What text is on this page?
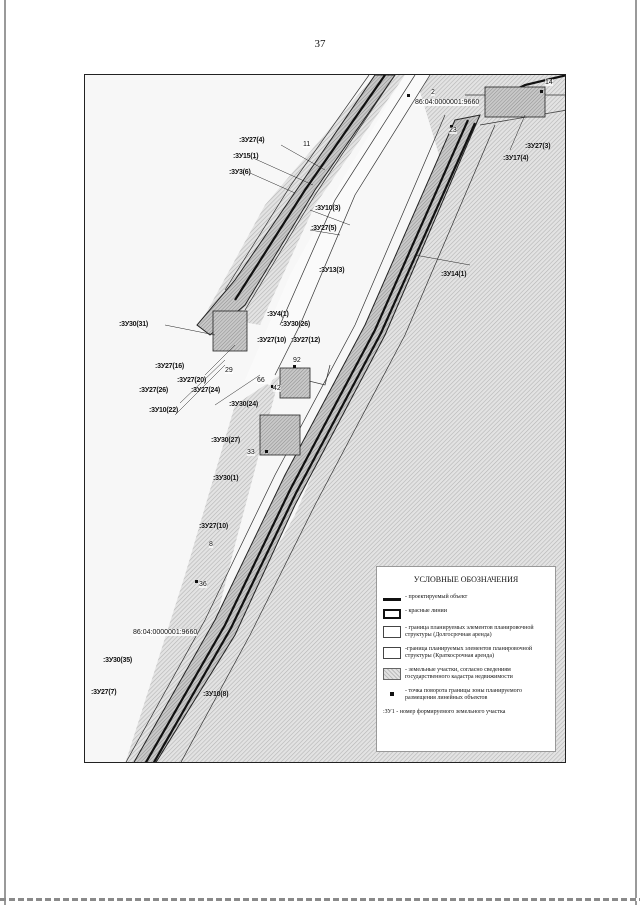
37
86:04:0000001:9660
86:04:0000001:9660
:3У27(4)
:3У15(1)
:3У3(6)
:3У10(3)
:3У27(5)
:3У13(3)
:3У14(1)
:3У27(3)
:3У17(4)
:3У30(31)
:3У4(1)
:3У30(26)
:3У27(10) :3У27(12)
:3У27(16)
:3У27(20)
:3У27(26)
:3У10(22)
:3У27(24)
:3У30(27)
:3У30(1)
:3У27(10)
:3У30(35)
:3У27(7)	:3У10(8)
:3У30(24)
2
23
11
14
92
66
42
33
36
8
29
УСЛОВНЫЕ ОБОЗНАЧЕНИЯ
- проектируемый объект
- красные линии
- граница планируемых элементов планировочной структуры (Долгосрочная аренда)
-граница планируемых элементов планировочной структуры (Краткосрочная аренда)
- земельные участки, согласно сведениям государственного кадастра недвижимости
- точка поворота границы зоны планируемого размещения линейных объектов
:ЗУ1 - номер формируемого земельного участка
